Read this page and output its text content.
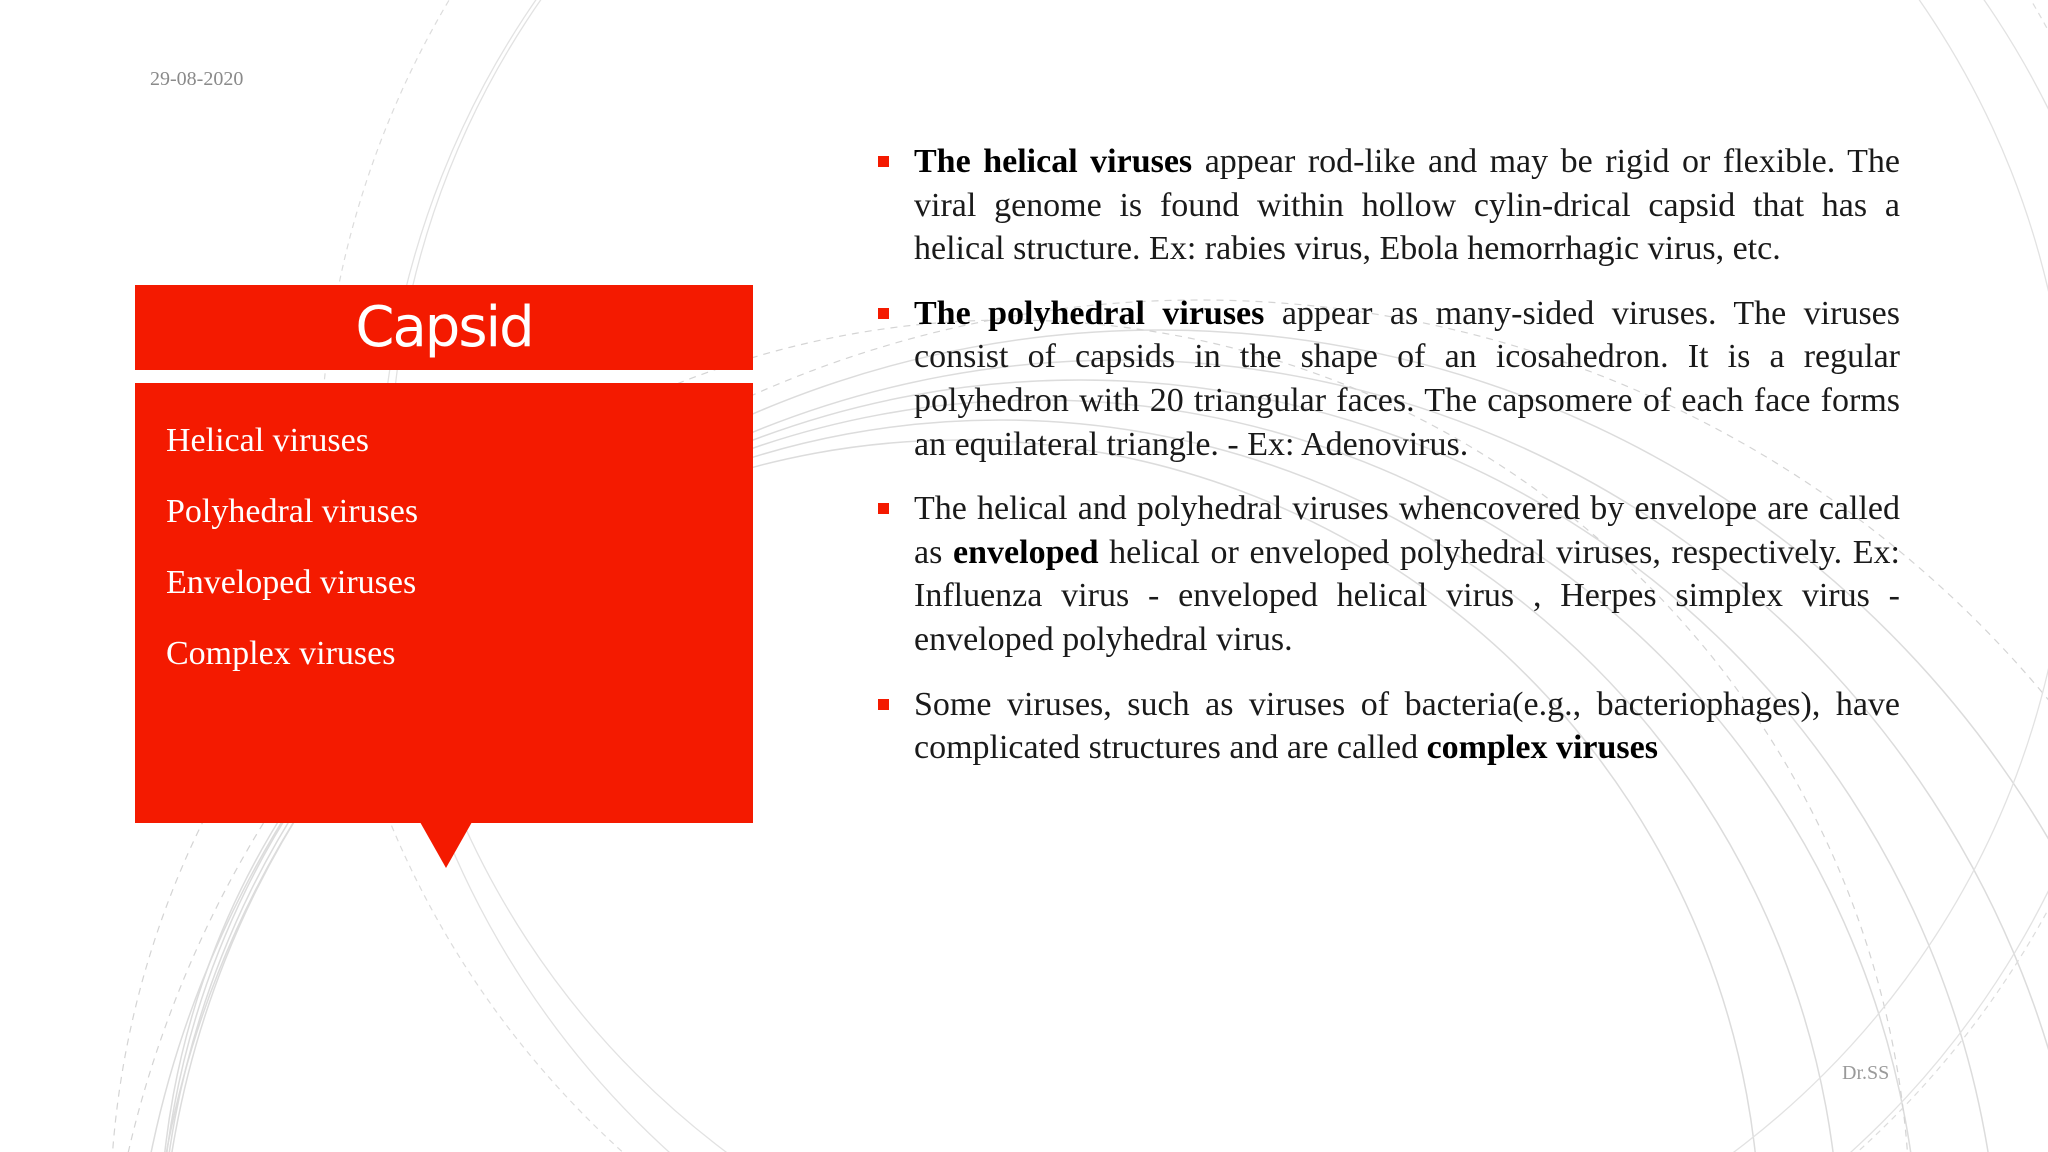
29-08-2020
Capsid
Helical viruses
Polyhedral viruses
Enveloped viruses
Complex viruses
The helical viruses appear rod-like and may be rigid or flexible. The viral genome is found within hollow cylin-drical capsid that has a helical structure. Ex: rabies virus, Ebola hemorrhagic virus, etc.
The polyhedral viruses appear as many-sided viruses. The viruses consist of capsids in the shape of an icosahedron. It is a regular polyhedron with 20 triangular faces. The capsomere of each face forms an equilateral triangle. - Ex: Adenovirus.
The helical and polyhedral viruses whencovered by envelope are called as enveloped helical or enveloped polyhedral viruses, respectively. Ex: Influenza virus - enveloped helical virus , Herpes simplex virus - enveloped polyhedral virus.
Some viruses, such as viruses of bacteria(e.g., bacteriophages), have complicated structures and are called complex viruses
Dr.SS
